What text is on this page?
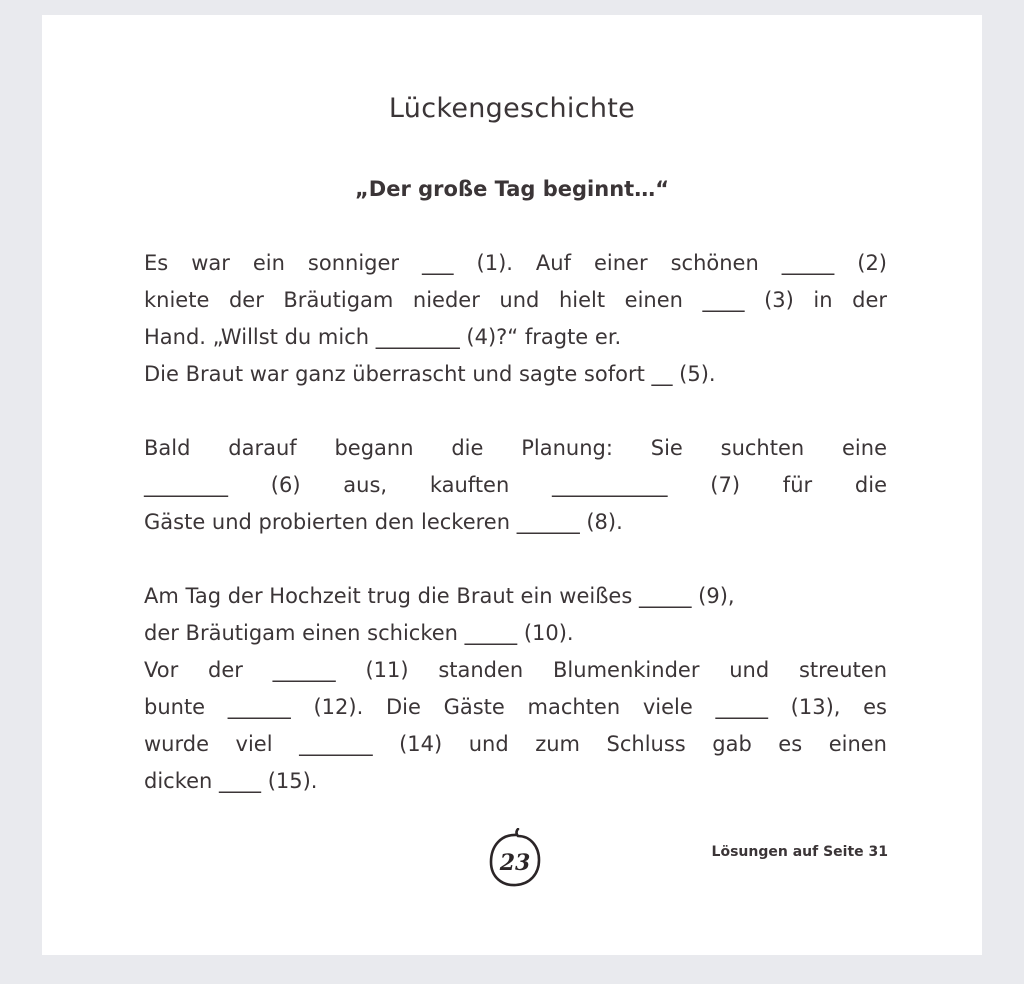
Lückengeschichte
„Der große Tag beginnt…“
Es war ein sonniger ___ (1). Auf einer schönen _____ (2)
kniete der Bräutigam nieder und hielt einen ____ (3) in der
Hand. „Willst du mich ________ (4)?“ fragte er.
Die Braut war ganz überrascht und sagte sofort __ (5).
Bald darauf begann die Planung: Sie suchten eine
________ (6) aus, kauften ___________ (7) für die
Gäste und probierten den leckeren ______ (8).
Am Tag der Hochzeit trug die Braut ein weißes _____ (9),
der Bräutigam einen schicken _____ (10).
Vor der ______ (11) standen Blumenkinder und streuten
bunte ______ (12). Die Gäste machten viele _____ (13), es
wurde viel _______ (14) und zum Schluss gab es einen
dicken ____ (15).
23	Lösungen auf Seite 31
